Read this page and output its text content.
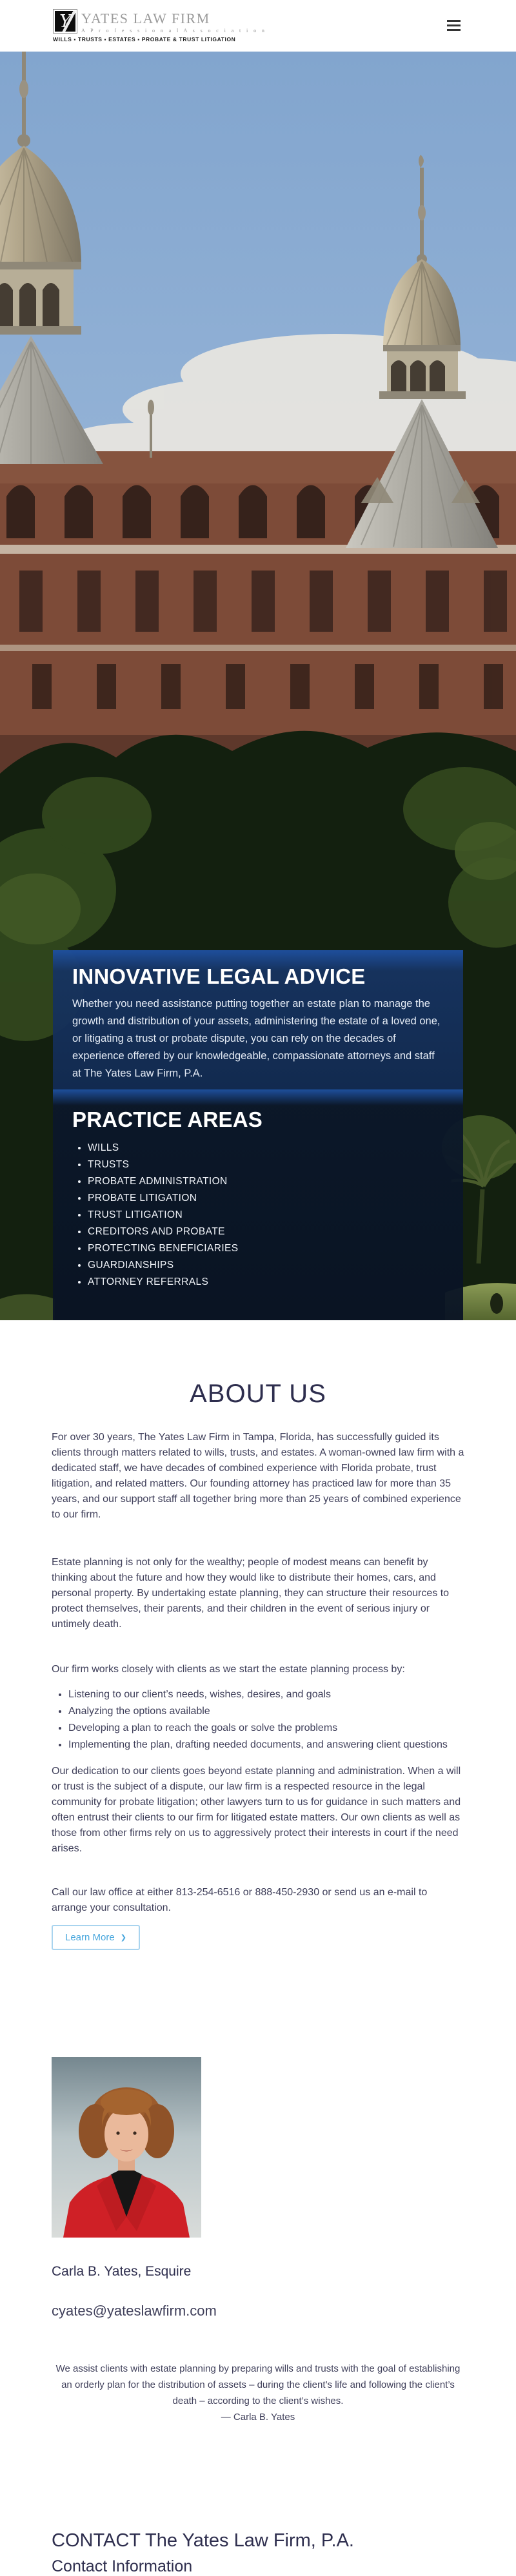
Y YATES LAW FIRM
A P r o f e s s i o n a l A s s o c i a t i o n
WILLS ▪ TRUSTS ▪ ESTATES ▪ PROBATE & TRUST LITIGATION
INNOVATIVE LEGAL ADVICE

Whether you need assistance putting together an estate plan to manage the growth and distribution of your assets, administering the estate of a loved one, or litigating a trust or probate dispute, you can rely on the decades of experience offered by our knowledgeable, compassionate attorneys and staff at The Yates Law Firm, P.A.

PRACTICE AREAS
• WILLS
• TRUSTS
• PROBATE ADMINISTRATION
• PROBATE LITIGATION
• TRUST LITIGATION
• CREDITORS AND PROBATE
• PROTECTING BENEFICIARIES
• GUARDIANSHIPS
• ATTORNEY REFERRALS
ABOUT US

For over 30 years, The Yates Law Firm in Tampa, Florida, has successfully guided its clients through matters related to wills, trusts, and estates. A woman-owned law firm with a dedicated staff, we have decades of combined experience with Florida probate, trust litigation, and related matters. Our founding attorney has practiced law for more than 35 years, and our support staff all together bring more than 25 years of combined experience to our firm.

Estate planning is not only for the wealthy; people of modest means can benefit by thinking about the future and how they would like to distribute their homes, cars, and personal property. By undertaking estate planning, they can structure their resources to protect themselves, their parents, and their children in the event of serious injury or untimely death.

Our firm works closely with clients as we start the estate planning process by:

• Listening to our client’s needs, wishes, desires, and goals
• Analyzing the options available
• Developing a plan to reach the goals or solve the problems
• Implementing the plan, drafting needed documents, and answering client questions

Our dedication to our clients goes beyond estate planning and administration. When a will or trust is the subject of a dispute, our law firm is a respected resource in the legal community for probate litigation; other lawyers turn to us for guidance in such matters and often entrust their clients to our firm for litigated estate matters. Our own clients as well as those from other firms rely on us to aggressively protect their interests in court if the need arises.

Call our law office at either 813-254-6516 or 888-450-2930 or send us an e-mail to arrange your consultation.

Learn More ❯
Carla B. Yates, Esquire
cyates@yateslawfirm.com

We assist clients with estate planning by preparing wills and trusts with the goal of establishing an orderly plan for the distribution of assets – during the client’s life and following the client’s death – according to the client’s wishes.

— Carla B. Yates

CONTACT The Yates Law Firm, P.A.
Contact Information
